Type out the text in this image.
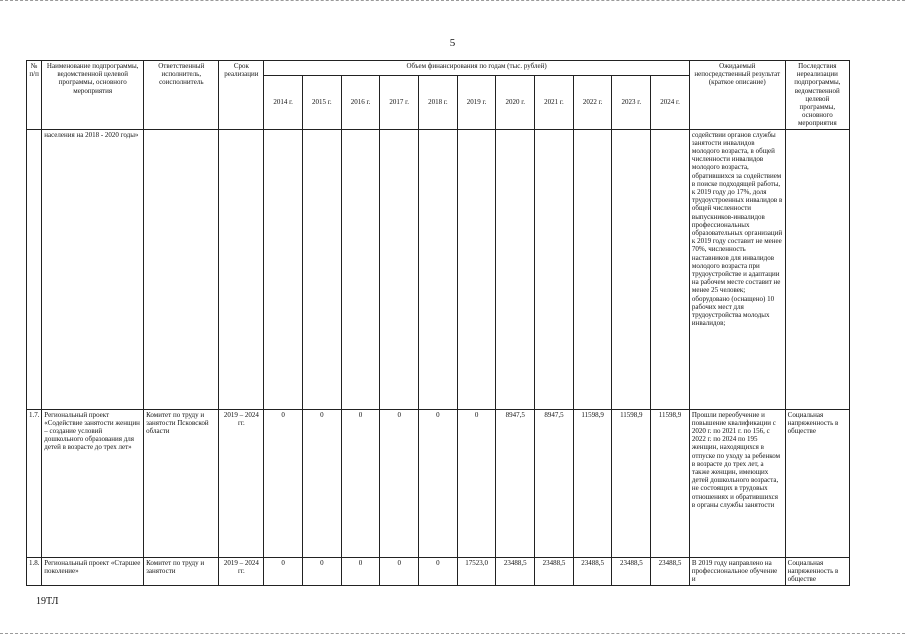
5
№ п/п	Наименование подпрограммы, ведомственной целевой программы, основного мероприятия	Ответственный исполнитель, соисполнитель	Срок реализации	Объем финансирования по годам (тыс. рублей)											Ожидаемый непосредственный результат (краткое описание)	Последствия нереализации подпрограммы, ведомственной целевой программы, основного мероприятия
				2014 г.	2015 г.	2016 г.	2017 г.	2018 г.	2019 г.	2020 г.	2021 г.	2022 г.	2023 г.	2024 г.		
	населения на 2018 - 2020 годы»														содействии органов службы занятости инвалидов молодого возраста, в общей численности инвалидов молодого возраста, обратившихся за содействием в поиске подходящей работы, к 2019 году до 17%, доля трудоустроенных инвалидов в общей численности выпускников-инвалидов профессиональных образовательных организаций к 2019 году составит не менее 70%, численность наставников для инвалидов молодого возраста при трудоустройстве и адаптации на рабочем месте составит не менее 25 человек; оборудовано (оснащено) 10 рабочих мест для трудоустройства молодых инвалидов;	
1.7.	Региональный проект «Содействие занятости женщин – создание условий дошкольного образования для детей в возрасте до трех лет»	Комитет по труду и занятости Псковской области	2019 – 2024 гг.	0	0	0	0	0	0	8947,5	8947,5	11598,9	11598,9	11598,9	Прошли переобучение и повышение квалификации с 2020 г. по 2021 г. по 156, с 2022 г. по 2024 по 195 женщин, находящихся в отпуске по уходу за ребенком в возрасте до трех лет, а также женщин, имеющих детей дошкольного возраста, не состоящих в трудовых отношениях и обратившихся в органы службы занятости	Социальная напряженность в обществе
1.8.	Региональный проект «Старшее поколение»	Комитет по труду и занятости	2019 – 2024 гг.	0	0	0	0	0	17523,0	23488,5	23488,5	23488,5	23488,5	23488,5	В 2019 году направлено на профессиональное обучение и	Социальная напряженность в обществе
19ТЛ
